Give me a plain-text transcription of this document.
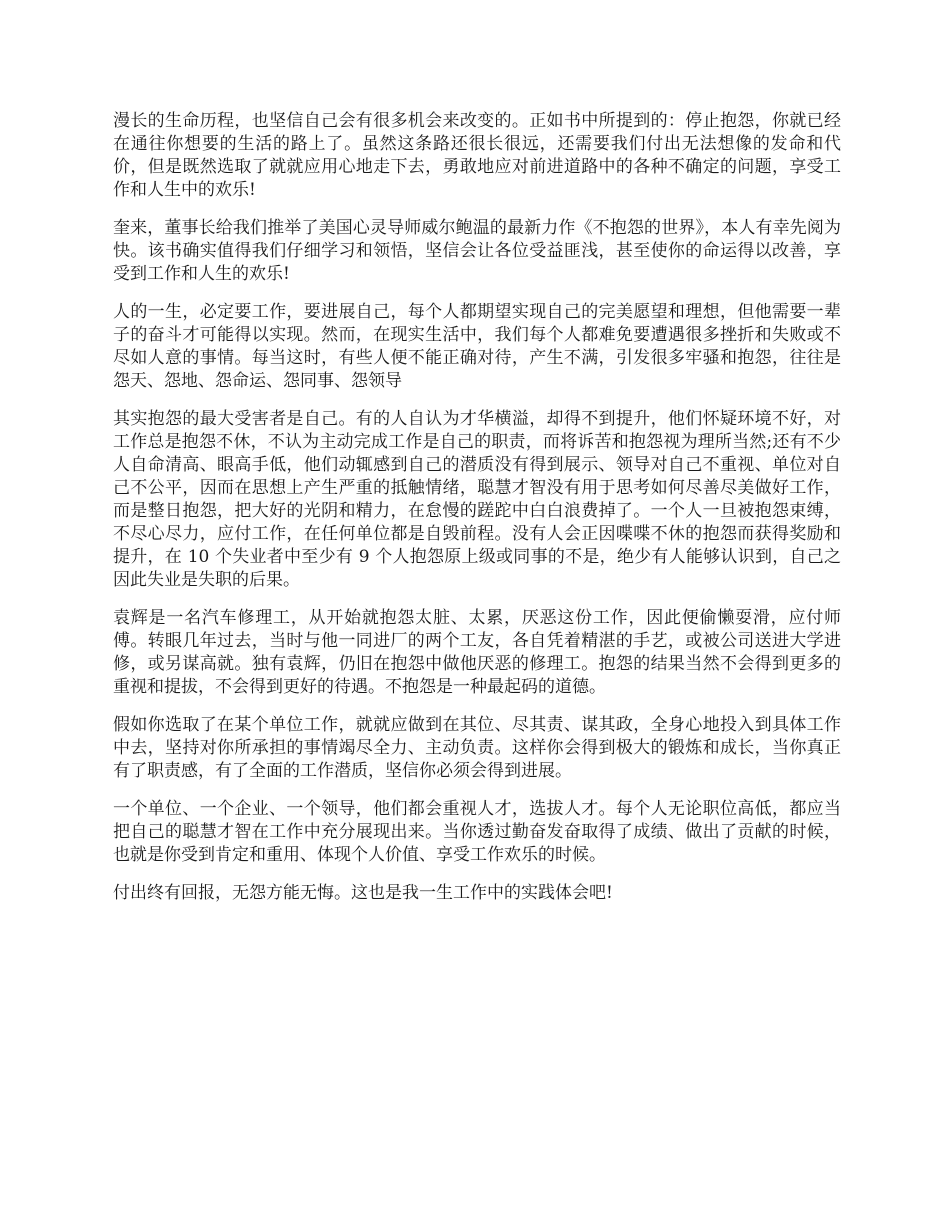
漫长的生命历程，也坚信自己会有很多机会来改变的。正如书中所提到的：停止抱怨，你就已经在通往你想要的生活的路上了。虽然这条路还很长很远，还需要我们付出无法想像的发命和代价，但是既然选取了就就应用心地走下去，勇敢地应对前进道路中的各种不确定的问题，享受工作和人生中的欢乐!

奎来，董事长给我们推举了美国心灵导师威尔鲍温的最新力作《不抱怨的世界》，本人有幸先阅为快。该书确实值得我们仔细学习和领悟，坚信会让各位受益匪浅，甚至使你的命运得以改善，享受到工作和人生的欢乐!

人的一生，必定要工作，要进展自己，每个人都期望实现自己的完美愿望和理想，但他需要一辈子的奋斗才可能得以实现。然而，在现实生活中，我们每个人都难免要遭遇很多挫折和失败或不尽如人意的事情。每当这时，有些人便不能正确对待，产生不满，引发很多牢骚和抱怨，往往是怨天、怨地、怨命运、怨同事、怨领导

其实抱怨的最大受害者是自己。有的人自认为才华横溢，却得不到提升，他们怀疑环境不好，对工作总是抱怨不休，不认为主动完成工作是自己的职责，而将诉苦和抱怨视为理所当然;还有不少人自命清高、眼高手低，他们动辄感到自己的潜质没有得到展示、领导对自己不重视、单位对自己不公平，因而在思想上产生严重的抵触情绪，聪慧才智没有用于思考如何尽善尽美做好工作，而是整日抱怨，把大好的光阴和精力，在怠慢的蹉跎中白白浪费掉了。一个人一旦被抱怨束缚，不尽心尽力，应付工作，在任何单位都是自毁前程。没有人会正因喋喋不休的抱怨而获得奖励和提升，在 10 个失业者中至少有 9 个人抱怨原上级或同事的不是，绝少有人能够认识到，自己之因此失业是失职的后果。

袁辉是一名汽车修理工，从开始就抱怨太脏、太累，厌恶这份工作，因此便偷懒耍滑，应付师傅。转眼几年过去，当时与他一同进厂的两个工友，各自凭着精湛的手艺，或被公司送进大学进修，或另谋高就。独有袁辉，仍旧在抱怨中做他厌恶的修理工。抱怨的结果当然不会得到更多的重视和提拔，不会得到更好的待遇。不抱怨是一种最起码的道德。

假如你选取了在某个单位工作，就就应做到在其位、尽其责、谋其政，全身心地投入到具体工作中去，坚持对你所承担的事情竭尽全力、主动负责。这样你会得到极大的锻炼和成长，当你真正有了职责感，有了全面的工作潜质，坚信你必须会得到进展。

一个单位、一个企业、一个领导，他们都会重视人才，选拔人才。每个人无论职位高低，都应当把自己的聪慧才智在工作中充分展现出来。当你透过勤奋发奋取得了成绩、做出了贡献的时候，也就是你受到肯定和重用、体现个人价值、享受工作欢乐的时候。

付出终有回报，无怨方能无悔。这也是我一生工作中的实践体会吧!
